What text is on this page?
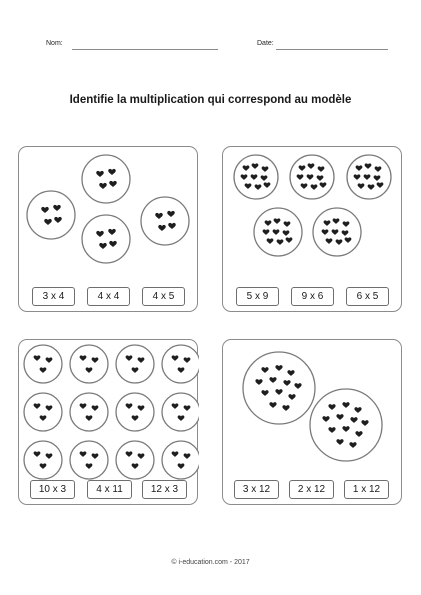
Nom:	Date:
Identifie la multiplication qui correspond au modèle
3 x 4	4 x 4	4 x 5	5 x 9	9 x 6	6 x 5
10 x 3	4 x 11	12 x 3	3 x 12	2 x 12	1 x 12
© i-education.com - 2017
